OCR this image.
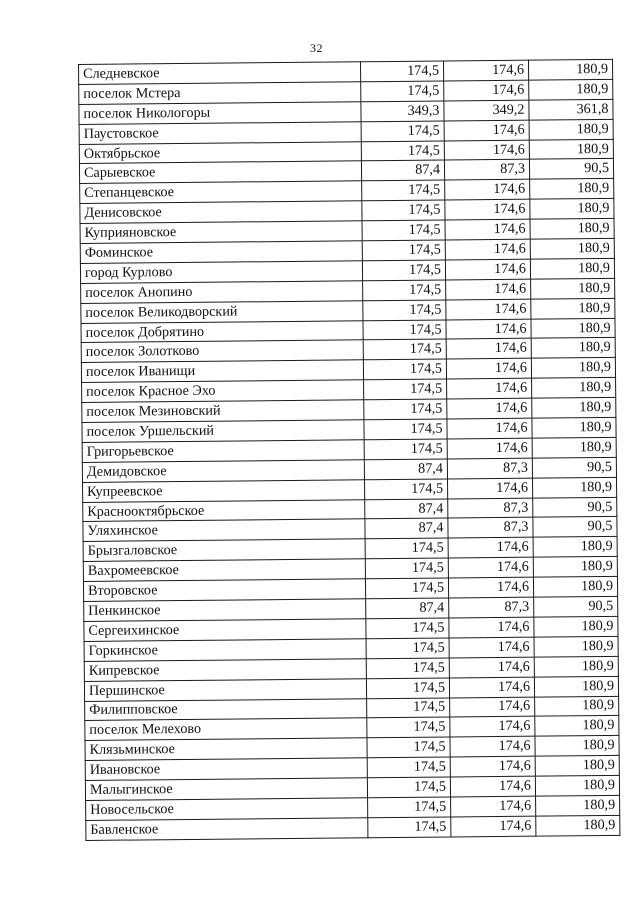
32
Следневское	174,5	174,6	180,9
поселок Мстера	174,5	174,6	180,9
поселок Никологоры	349,3	349,2	361,8
Паустовское	174,5	174,6	180,9
Октябрьское	174,5	174,6	180,9
Сарыевское	87,4	87,3	90,5
Степанцевское	174,5	174,6	180,9
Денисовское	174,5	174,6	180,9
Куприяновское	174,5	174,6	180,9
Фоминское	174,5	174,6	180,9
город Курлово	174,5	174,6	180,9
поселок Анопино	174,5	174,6	180,9
поселок Великодворский	174,5	174,6	180,9
поселок Добрятино	174,5	174,6	180,9
поселок Золотково	174,5	174,6	180,9
поселок Иванищи	174,5	174,6	180,9
поселок Красное Эхо	174,5	174,6	180,9
поселок Мезиновский	174,5	174,6	180,9
поселок Уршельский	174,5	174,6	180,9
Григорьевское	174,5	174,6	180,9
Демидовское	87,4	87,3	90,5
Купреевское	174,5	174,6	180,9
Краснооктябрьское	87,4	87,3	90,5
Уляхинское	87,4	87,3	90,5
Брызгаловское	174,5	174,6	180,9
Вахромеевское	174,5	174,6	180,9
Второвское	174,5	174,6	180,9
Пенкинское	87,4	87,3	90,5
Сергеихинское	174,5	174,6	180,9
Горкинское	174,5	174,6	180,9
Кипревское	174,5	174,6	180,9
Першинское	174,5	174,6	180,9
Филипповское	174,5	174,6	180,9
поселок Мелехово	174,5	174,6	180,9
Клязьминское	174,5	174,6	180,9
Ивановское	174,5	174,6	180,9
Малыгинское	174,5	174,6	180,9
Новосельское	174,5	174,6	180,9
Бавленское	174,5	174,6	180,9
